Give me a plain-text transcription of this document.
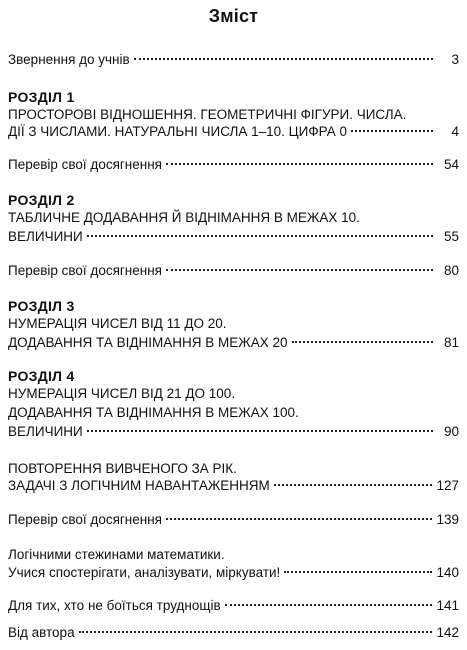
Зміст
Звернення до учнів	3
РОЗДІЛ 1
ПРОСТОРОВІ ВІДНОШЕННЯ. ГЕОМЕТРИЧНІ ФІГУРИ. ЧИСЛА.
ДІЇ З ЧИСЛАМИ. НАТУРАЛЬНІ ЧИСЛА 1–10. ЦИФРА 0	4
Перевір свої досягнення	54
РОЗДІЛ 2
ТАБЛИЧНЕ ДОДАВАННЯ Й ВІДНІМАННЯ В МЕЖАХ 10.
ВЕЛИЧИНИ	55
Перевір свої досягнення	80
РОЗДІЛ 3
НУМЕРАЦІЯ ЧИСЕЛ ВІД 11 ДО 20.
ДОДАВАННЯ ТА ВІДНІМАННЯ В МЕЖАХ 20	81
РОЗДІЛ 4
НУМЕРАЦІЯ ЧИСЕЛ ВІД 21 ДО 100.
ДОДАВАННЯ ТА ВІДНІМАННЯ В МЕЖАХ 100.
ВЕЛИЧИНИ	90
ПОВТОРЕННЯ ВИВЧЕНОГО ЗА РІК.
ЗАДАЧІ З ЛОГІЧНИМ НАВАНТАЖЕННЯМ	127
Перевір свої досягнення	139
Логічними стежинами математики.
Учися спостерігати, аналізувати, міркувати!	140
Для тих, хто не боїться труднощів	141
Від автора	142
